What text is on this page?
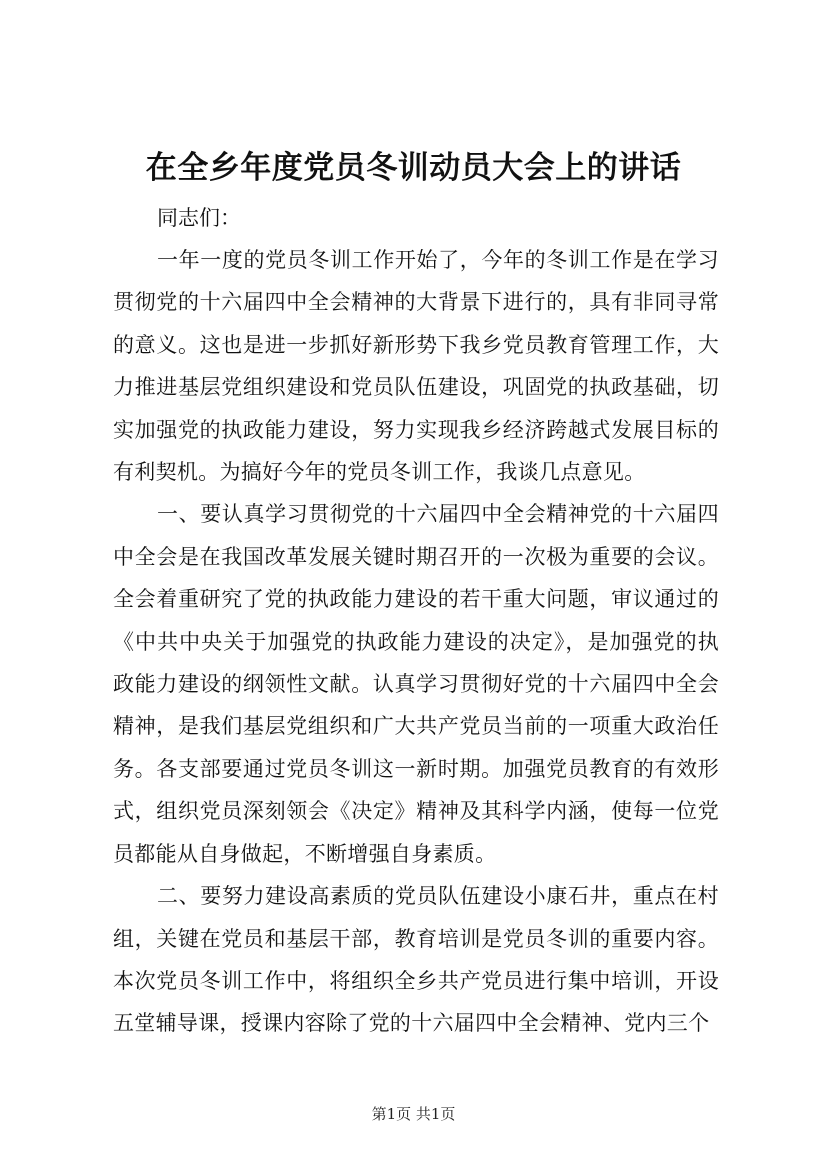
在全乡年度党员冬训动员大会上的讲话

同志们：

一年一度的党员冬训工作开始了，今年的冬训工作是在学习贯彻党的十六届四中全会精神的大背景下进行的，具有非同寻常的意义。这也是进一步抓好新形势下我乡党员教育管理工作，大力推进基层党组织建设和党员队伍建设，巩固党的执政基础，切实加强党的执政能力建设，努力实现我乡经济跨越式发展目标的有利契机。为搞好今年的党员冬训工作，我谈几点意见。

一、要认真学习贯彻党的十六届四中全会精神党的十六届四中全会是在我国改革发展关键时期召开的一次极为重要的会议。全会着重研究了党的执政能力建设的若干重大问题，审议通过的《中共中央关于加强党的执政能力建设的决定》，是加强党的执政能力建设的纲领性文献。认真学习贯彻好党的十六届四中全会精神，是我们基层党组织和广大共产党员当前的一项重大政治任务。各支部要通过党员冬训这一新时期。加强党员教育的有效形式，组织党员深刻领会《决定》精神及其科学内涵，使每一位党员都能从自身做起，不断增强自身素质。

二、要努力建设高素质的党员队伍建设小康石井，重点在村组，关键在党员和基层干部，教育培训是党员冬训的重要内容。本次党员冬训工作中，将组织全乡共产党员进行集中培训，开设五堂辅导课，授课内容除了党的十六届四中全会精神、党内三个

第1页 共1页
